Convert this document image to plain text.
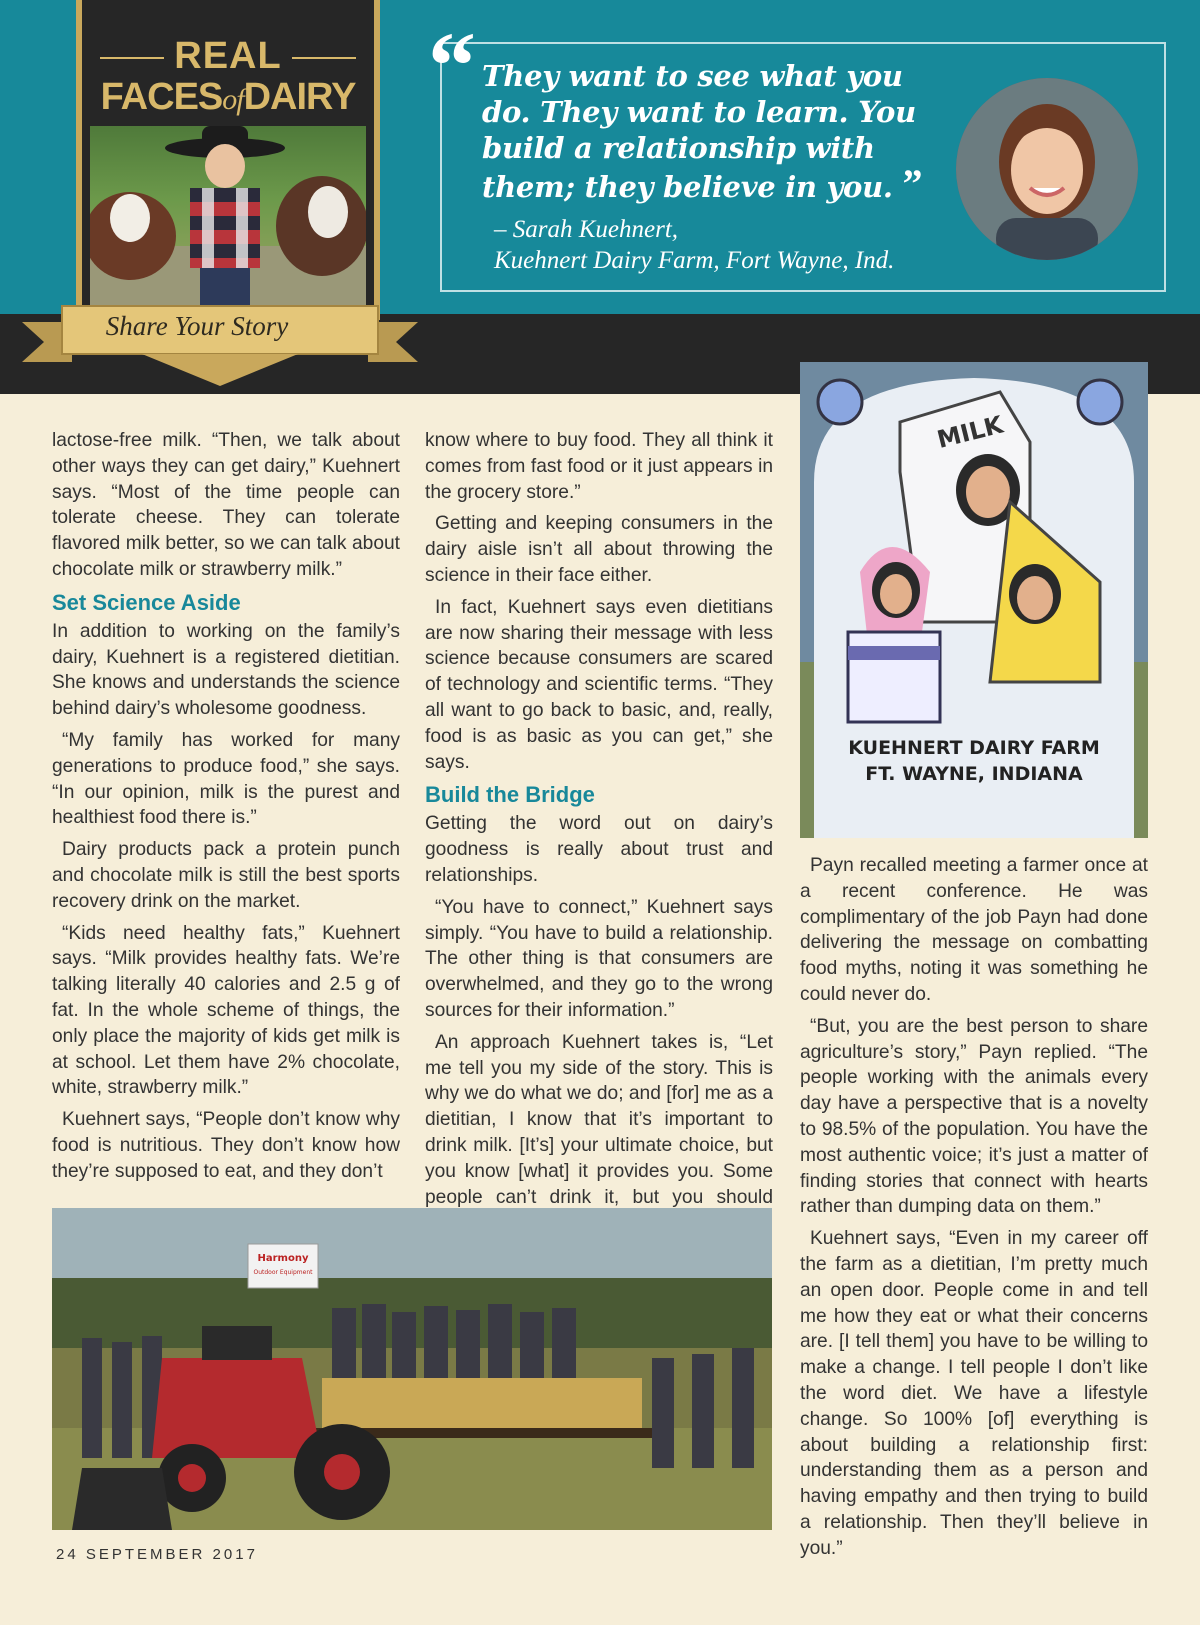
REAL
FACESofDAIRY
Share Your Story
“ They want to see what you do. They want to learn. You build a relationship with them; they believe in you. ”
– Sarah Kuehnert,
Kuehnert Dairy Farm, Fort Wayne, Ind.

lactose-free milk. “Then, we talk about other ways they can get dairy,” Kuehnert says. “Most of the time people can tolerate cheese. They can tolerate flavored milk better, so we can talk about chocolate milk or strawberry milk.”

Set Science Aside

In addition to working on the family’s dairy, Kuehnert is a registered dietitian. She knows and understands the science behind dairy’s wholesome goodness.

“My family has worked for many generations to produce food,” she says. “In our opinion, milk is the purest and healthiest food there is.”

Dairy products pack a protein punch and chocolate milk is still the best sports recovery drink on the market.

“Kids need healthy fats,” Kuehnert says. “Milk provides healthy fats. We’re talking literally 40 calories and 2.5 g of fat. In the whole scheme of things, the only place the majority of kids get milk is at school. Let them have 2% chocolate, white, strawberry milk.”

Kuehnert says, “People don’t know why food is nutritious. They don’t know how they’re supposed to eat, and they don’t

know where to buy food. They all think it comes from fast food or it just appears in the grocery store.”

Getting and keeping consumers in the dairy aisle isn’t all about throwing the science in their face either.

In fact, Kuehnert says even dietitians are now sharing their message with less science because consumers are scared of technology and scientific terms. “They all want to go back to basic, and, really, food is as basic as you can get,” she says.

Build the Bridge

Getting the word out on dairy’s goodness is really about trust and relationships.

“You have to connect,” Kuehnert says simply. “You have to build a relationship. The other thing is that consumers are overwhelmed, and they go to the wrong sources for their information.”

An approach Kuehnert takes is, “Let me tell you my side of the story. This is why we do what we do; and [for] me as a dietitian, I know that it’s important to drink milk. [It’s] your ultimate choice, but you know [what] it provides you. Some people can’t drink it, but you should

MILK
KUEHNERT DAIRY FARM
FT. WAYNE, INDIANA

Payn recalled meeting a farmer once at a recent conference. He was complimentary of the job Payn had done delivering the message on combatting food myths, noting it was something he could never do.

“But, you are the best person to share agriculture’s story,” Payn replied. “The people working with the animals every day have a perspective that is a novelty to 98.5% of the population. You have the most authentic voice; it’s just a matter of finding stories that connect with hearts rather than dumping data on them.”

Kuehnert says, “Even in my career off the farm as a dietitian, I’m pretty much an open door. People come in and tell me how they eat or what their concerns are. [I tell them] you have to be willing to make a change. I tell people I don’t like the word diet. We have a lifestyle change. So 100% [of] everything is about building a relationship first: understanding them as a person and having empathy and then trying to build a relationship. Then they’ll believe in you.”

Harmony
Outdoor Equipment
24 SEPTEMBER 2017
